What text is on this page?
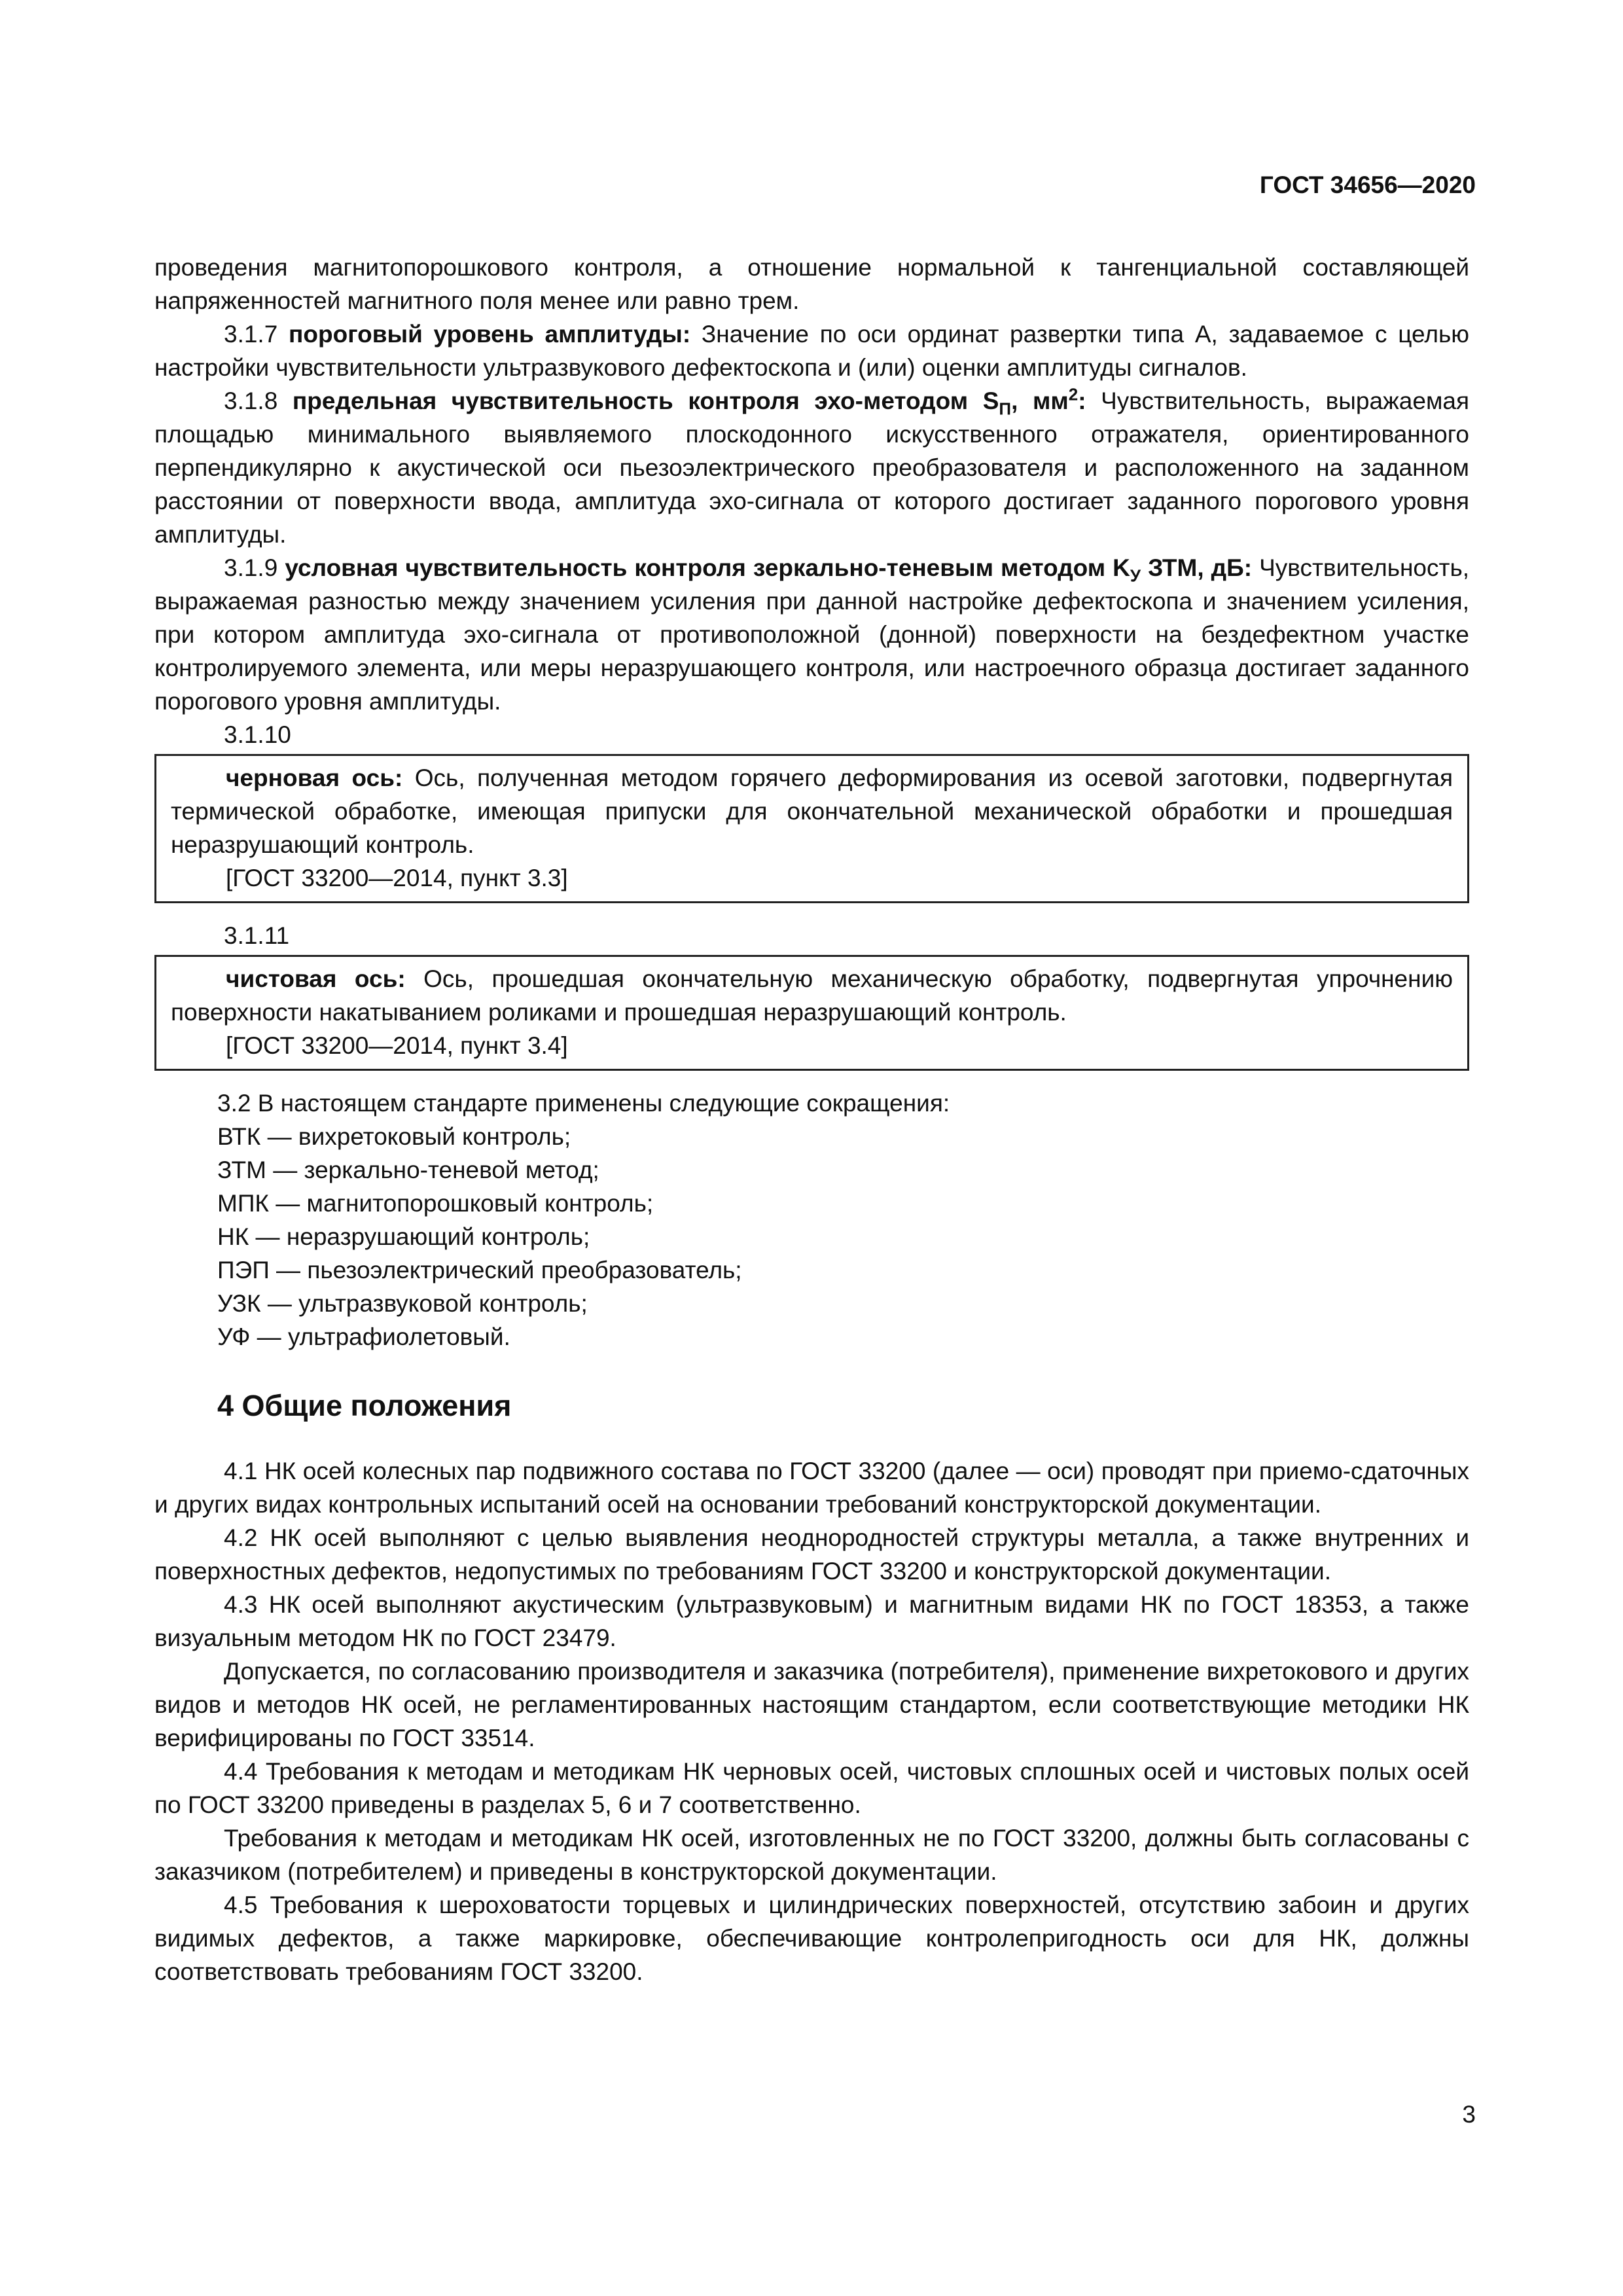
ГОСТ 34656—2020

проведения магнитопорошкового контроля, а отношение нормальной к тангенциальной составляющей напряженностей магнитного поля менее или равно трем.

3.1.7 пороговый уровень амплитуды: Значение по оси ординат развертки типа А, задаваемое с целью настройки чувствительности ультразвукового дефектоскопа и (или) оценки амплитуды сигналов.

3.1.8 предельная чувствительность контроля эхо-методом $S_П$, $мм^2$: Чувствительность, выражаемая площадью минимального выявляемого плоскодонного искусственного отражателя, ориентированного перпендикулярно к акустической оси пьезоэлектрического преобразователя и расположенного на заданном расстоянии от поверхности ввода, амплитуда эхо-сигнала от которого достигает заданного порогового уровня амплитуды.

3.1.9 условная чувствительность контроля зеркально-теневым методом $K_У$ ЗТМ, дБ: Чувствительность, выражаемая разностью между значением усиления при данной настройке дефектоскопа и значением усиления, при котором амплитуда эхо-сигнала от противоположной (донной) поверхности на бездефектном участке контролируемого элемента, или меры неразрушающего контроля, или настроечного образца достигает заданного порогового уровня амплитуды.

3.1.10

черновая ось: Ось, полученная методом горячего деформирования из осевой заготовки, подвергнутая термической обработке, имеющая припуски для окончательной механической обработки и прошедшая неразрушающий контроль.

[ГОСТ 33200—2014, пункт 3.3]

3.1.11

чистовая ось: Ось, прошедшая окончательную механическую обработку, подвергнутая упрочнению поверхности накатыванием роликами и прошедшая неразрушающий контроль.

[ГОСТ 33200—2014, пункт 3.4]

3.2 В настоящем стандарте применены следующие сокращения:

ВТК — вихретоковый контроль;

ЗТМ — зеркально-теневой метод;

МПК — магнитопорошковый контроль;

НК — неразрушающий контроль;

ПЭП — пьезоэлектрический преобразователь;

УЗК — ультразвуковой контроль;

УФ — ультрафиолетовый.

4 Общие положения

4.1 НК осей колесных пар подвижного состава по ГОСТ 33200 (далее — оси) проводят при приемо-сдаточных и других видах контрольных испытаний осей на основании требований конструкторской документации.

4.2 НК осей выполняют с целью выявления неоднородностей структуры металла, а также внутренних и поверхностных дефектов, недопустимых по требованиям ГОСТ 33200 и конструкторской документации.

4.3 НК осей выполняют акустическим (ультразвуковым) и магнитным видами НК по ГОСТ 18353, а также визуальным методом НК по ГОСТ 23479.

Допускается, по согласованию производителя и заказчика (потребителя), применение вихретокового и других видов и методов НК осей, не регламентированных настоящим стандартом, если соответствующие методики НК верифицированы по ГОСТ 33514.

4.4 Требования к методам и методикам НК черновых осей, чистовых сплошных осей и чистовых полых осей по ГОСТ 33200 приведены в разделах 5, 6 и 7 соответственно.

Требования к методам и методикам НК осей, изготовленных не по ГОСТ 33200, должны быть согласованы с заказчиком (потребителем) и приведены в конструкторской документации.

4.5 Требования к шероховатости торцевых и цилиндрических поверхностей, отсутствию забоин и других видимых дефектов, а также маркировке, обеспечивающие контролепригодность оси для НК, должны соответствовать требованиям ГОСТ 33200.

3
